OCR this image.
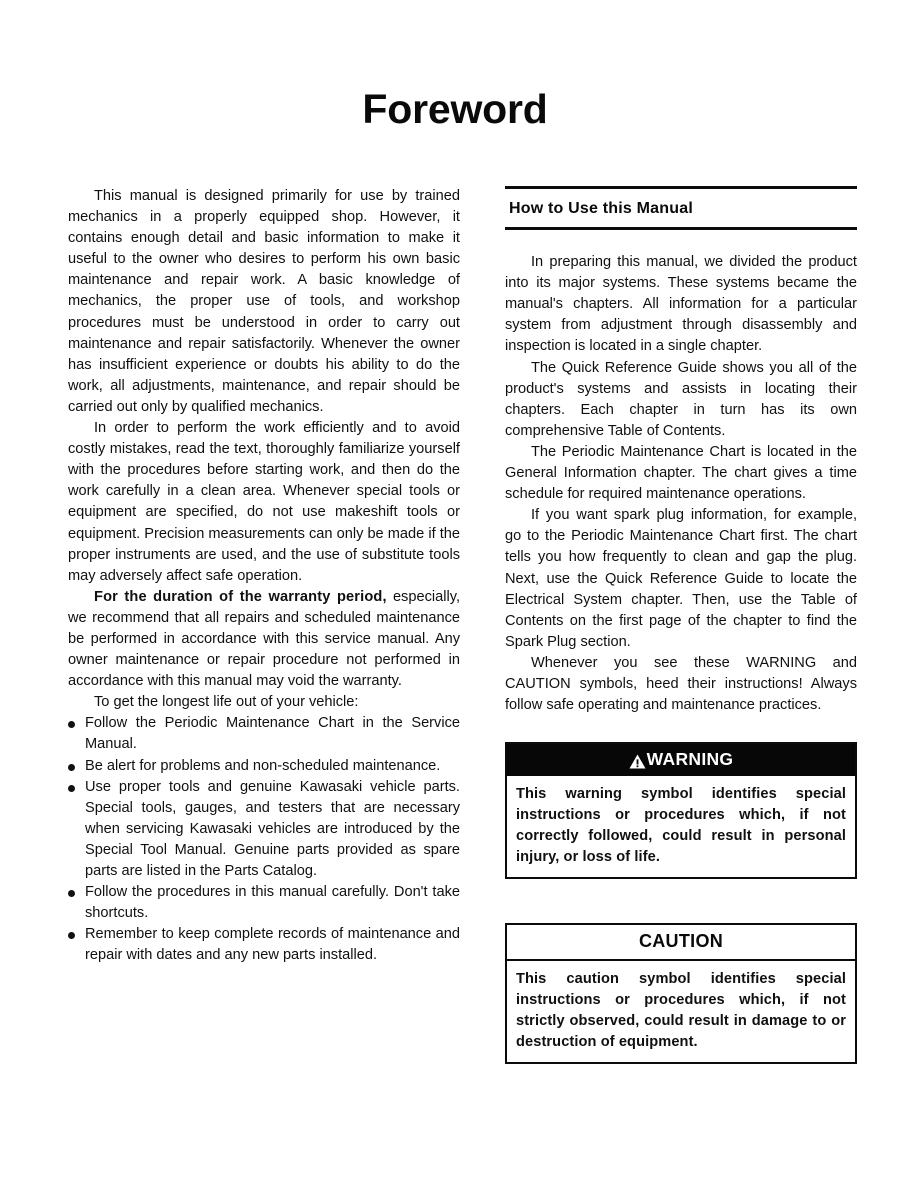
Foreword

This manual is designed primarily for use by trained mechanics in a properly equipped shop. However, it contains enough detail and basic information to make it useful to the owner who desires to perform his own basic maintenance and repair work. A basic knowledge of mechanics, the proper use of tools, and workshop procedures must be understood in order to carry out maintenance and repair satisfactorily. Whenever the owner has insufficient experience or doubts his ability to do the work, all adjustments, maintenance, and repair should be carried out only by qualified mechanics.

In order to perform the work efficiently and to avoid costly mistakes, read the text, thoroughly familiarize yourself with the procedures before starting work, and then do the work carefully in a clean area. Whenever special tools or equipment are specified, do not use makeshift tools or equipment. Precision measurements can only be made if the proper instruments are used, and the use of substitute tools may adversely affect safe operation.

For the duration of the warranty period, especially, we recommend that all repairs and scheduled maintenance be performed in accordance with this service manual. Any owner maintenance or repair procedure not performed in accordance with this manual may void the warranty.

To get the longest life out of your vehicle:

Follow the Periodic Maintenance Chart in the Service Manual.
Be alert for problems and non-scheduled maintenance.
Use proper tools and genuine Kawasaki vehicle parts. Special tools, gauges, and testers that are necessary when servicing Kawasaki vehicles are introduced by the Special Tool Manual. Genuine parts provided as spare parts are listed in the Parts Catalog.
Follow the procedures in this manual carefully. Don't take shortcuts.
Remember to keep complete records of maintenance and repair with dates and any new parts installed.
How to Use this Manual

In preparing this manual, we divided the product into its major systems. These systems became the manual's chapters. All information for a particular system from adjustment through disassembly and inspection is located in a single chapter.

The Quick Reference Guide shows you all of the product's systems and assists in locating their chapters. Each chapter in turn has its own comprehensive Table of Contents.

The Periodic Maintenance Chart is located in the General Information chapter. The chart gives a time schedule for required maintenance operations.

If you want spark plug information, for example, go to the Periodic Maintenance Chart first. The chart tells you how frequently to clean and gap the plug. Next, use the Quick Reference Guide to locate the Electrical System chapter. Then, use the Table of Contents on the first page of the chapter to find the Spark Plug section.

Whenever you see these WARNING and CAUTION symbols, heed their instructions! Always follow safe operating and maintenance practices.

WARNING

This warning symbol identifies special instructions or procedures which, if not correctly followed, could result in personal injury, or loss of life.

CAUTION

This caution symbol identifies special instructions or procedures which, if not strictly observed, could result in damage to or destruction of equipment.
